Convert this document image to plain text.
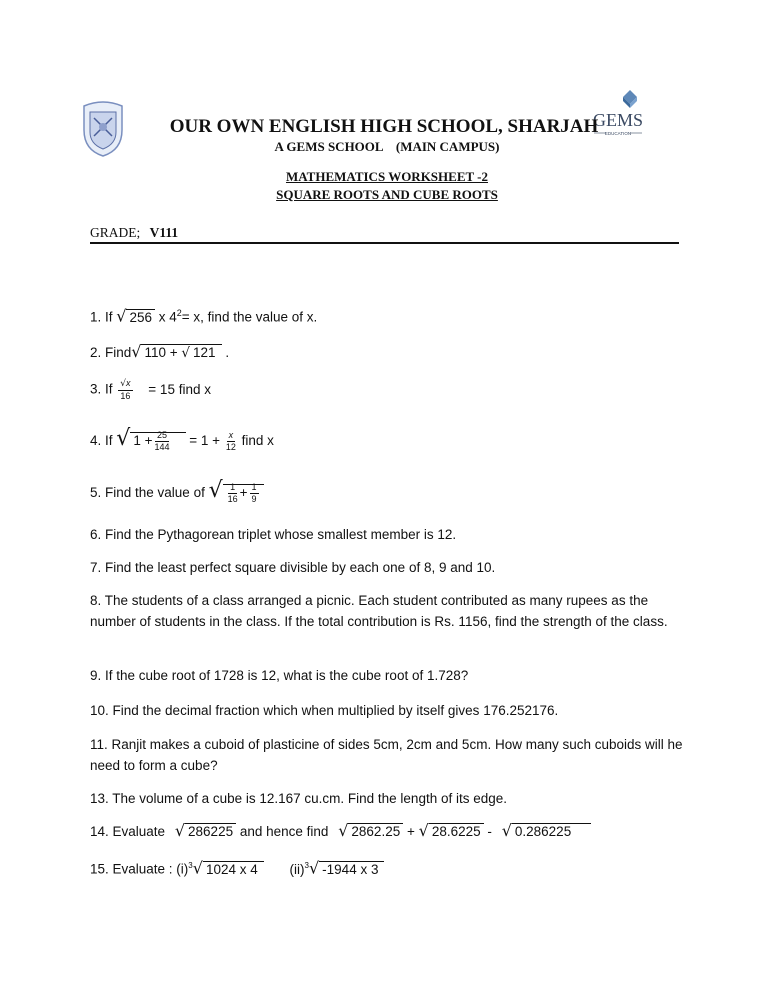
GEMS
EDUCATION
OUR OWN ENGLISH HIGH SCHOOL, SHARJAH
A GEMS SCHOOL    (MAIN CAMPUS)
MATHEMATICS WORKSHEET -2
SQUARE ROOTS AND CUBE ROOTS
GRADE; V111
1. If √ 256 x $4^2= x$, find the value of x.
2. Find√ 110 + √ 121 .
3. If $\frac{√x}{16} = 15$ find x
4. If √ $1 + \frac{25}{144} = 1 + \frac{x}{12}$ find x
5. Find the value of √ $\frac{1}{16} + \frac{1}{9}$
6. Find the Pythagorean triplet whose smallest member is 12.
7. Find the least perfect square divisible by each one of 8, 9 and 10.
8. The students of a class arranged a picnic. Each student contributed as many rupees as the number of students in the class. If the total contribution is Rs. 1156, find the strength of the class.
9. If the cube root of 1728 is 12, what is the cube root of 1.728?
10. Find the decimal fraction which when multiplied by itself gives 176.252176.
11. Ranjit makes a cuboid of plasticine of sides 5cm, 2cm and 5cm. How many such cuboids will he need to form a cube?
13. The volume of a cube is 12.167 cu.cm. Find the length of its edge.
14. Evaluate √ 286225 and hence find √ 2862.25 + √ 28.6225 - √ 0.286225
15. Evaluate : $(i)^3√$ 1024 x 4 (ii)$^3$√ -1944 x 3
